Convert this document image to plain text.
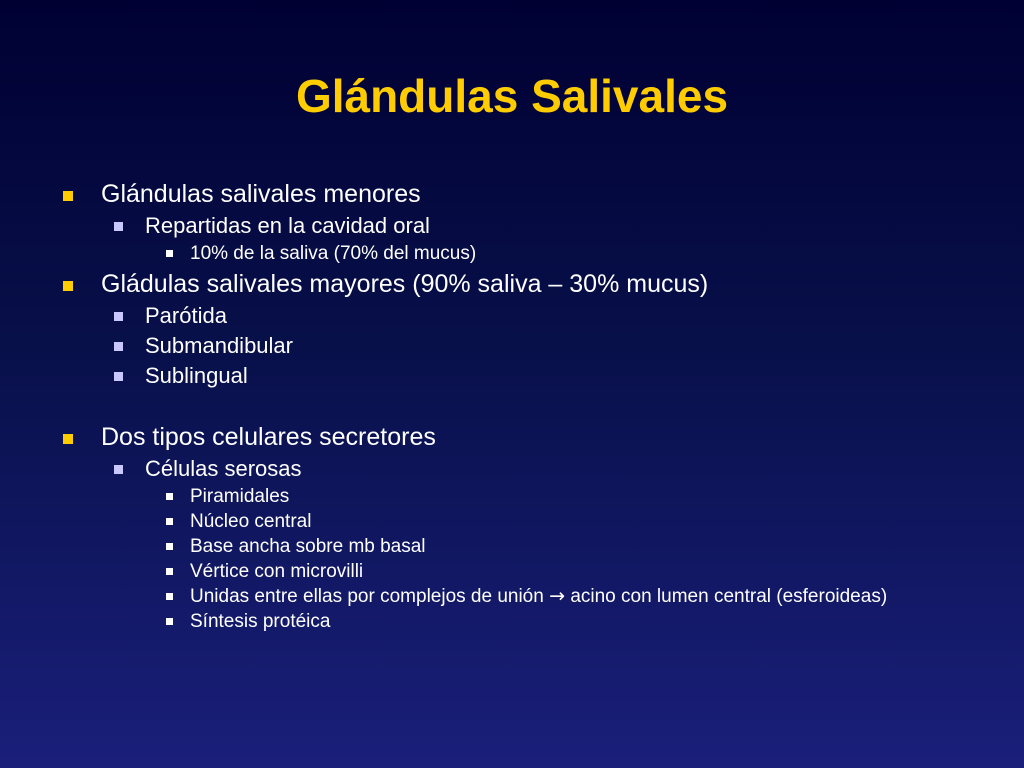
Glándulas Salivales
Glándulas salivales menores
Repartidas en la cavidad oral
10% de la saliva (70% del mucus)
Gládulas salivales mayores (90% saliva – 30% mucus)
Parótida
Submandibular
Sublingual
Dos tipos celulares secretores
Células serosas
Piramidales
Núcleo central
Base ancha sobre mb basal
Vértice con microvilli
Unidas entre ellas por complejos de unión → acino con lumen central (esferoideas)
Síntesis protéica
